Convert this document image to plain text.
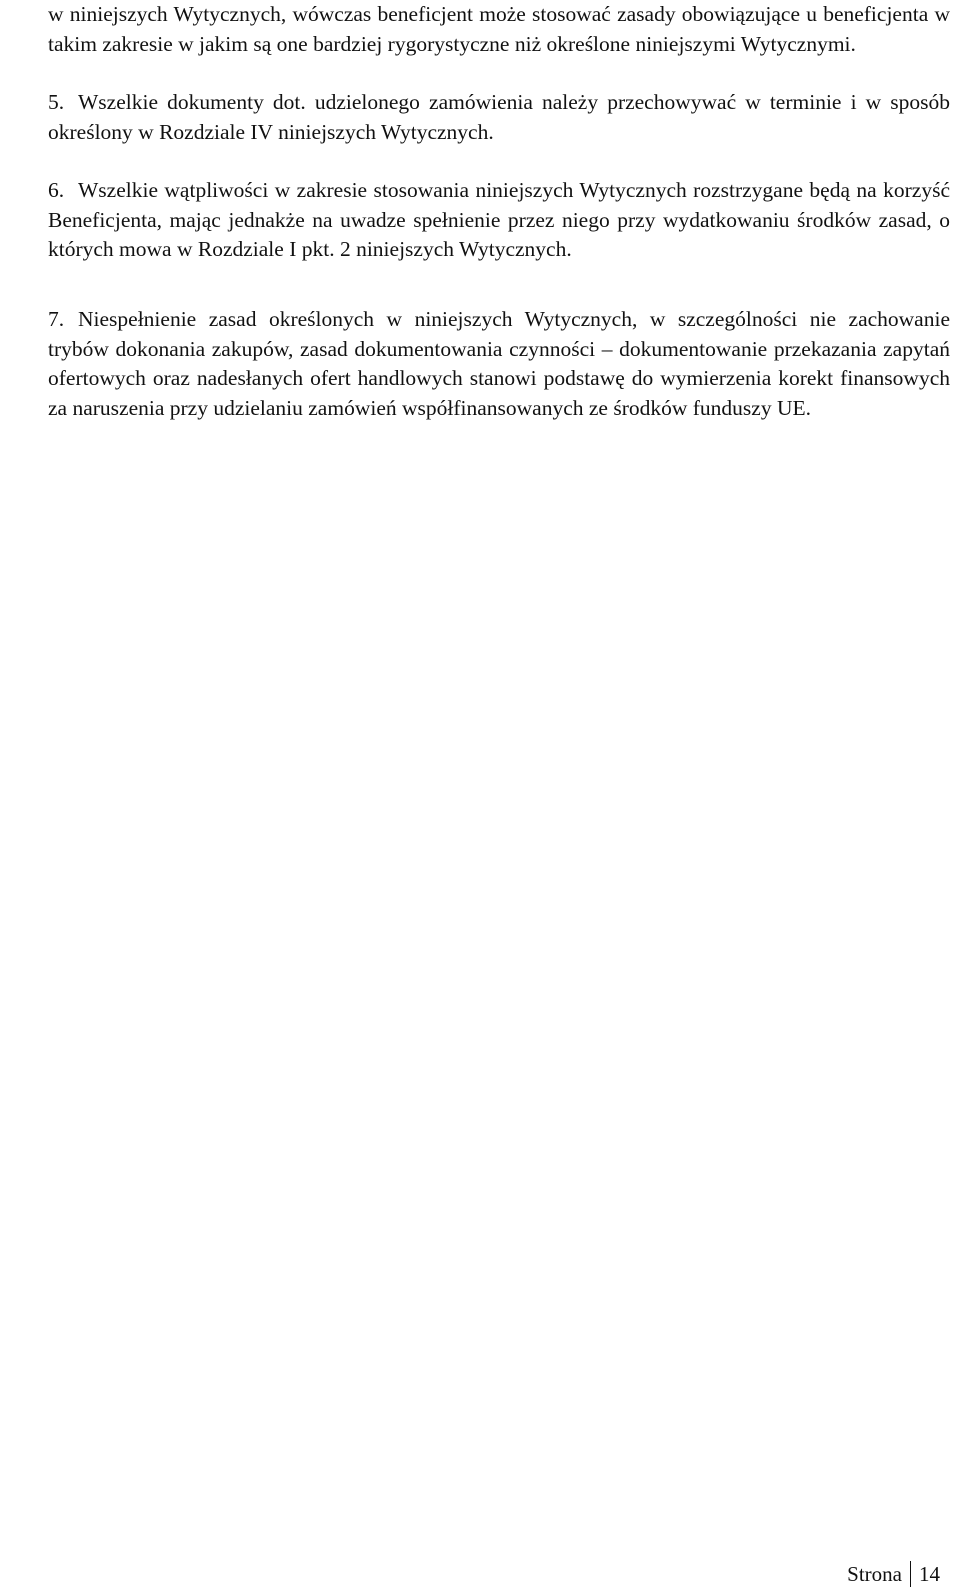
w niniejszych Wytycznych, wówczas beneficjent może stosować zasady obowiązujące u beneficjenta w takim zakresie w jakim są one bardziej rygorystyczne niż określone niniejszymi Wytycznymi.

5. Wszelkie dokumenty dot. udzielonego zamówienia należy przechowywać w terminie i w sposób określony w Rozdziale IV niniejszych Wytycznych.

6. Wszelkie wątpliwości w zakresie stosowania niniejszych Wytycznych rozstrzygane będą na korzyść Beneficjenta, mając jednakże na uwadze spełnienie przez niego przy wydatkowaniu środków zasad, o których mowa w Rozdziale I pkt. 2 niniejszych Wytycznych.

7. Niespełnienie zasad określonych w niniejszych Wytycznych, w szczególności nie zachowanie trybów dokonania zakupów, zasad dokumentowania czynności – dokumentowanie przekazania zapytań ofertowych oraz nadesłanych ofert handlowych stanowi podstawę do wymierzenia korekt finansowych za naruszenia przy udzielaniu zamówień współfinansowanych ze środków funduszy UE.

Strona 14
